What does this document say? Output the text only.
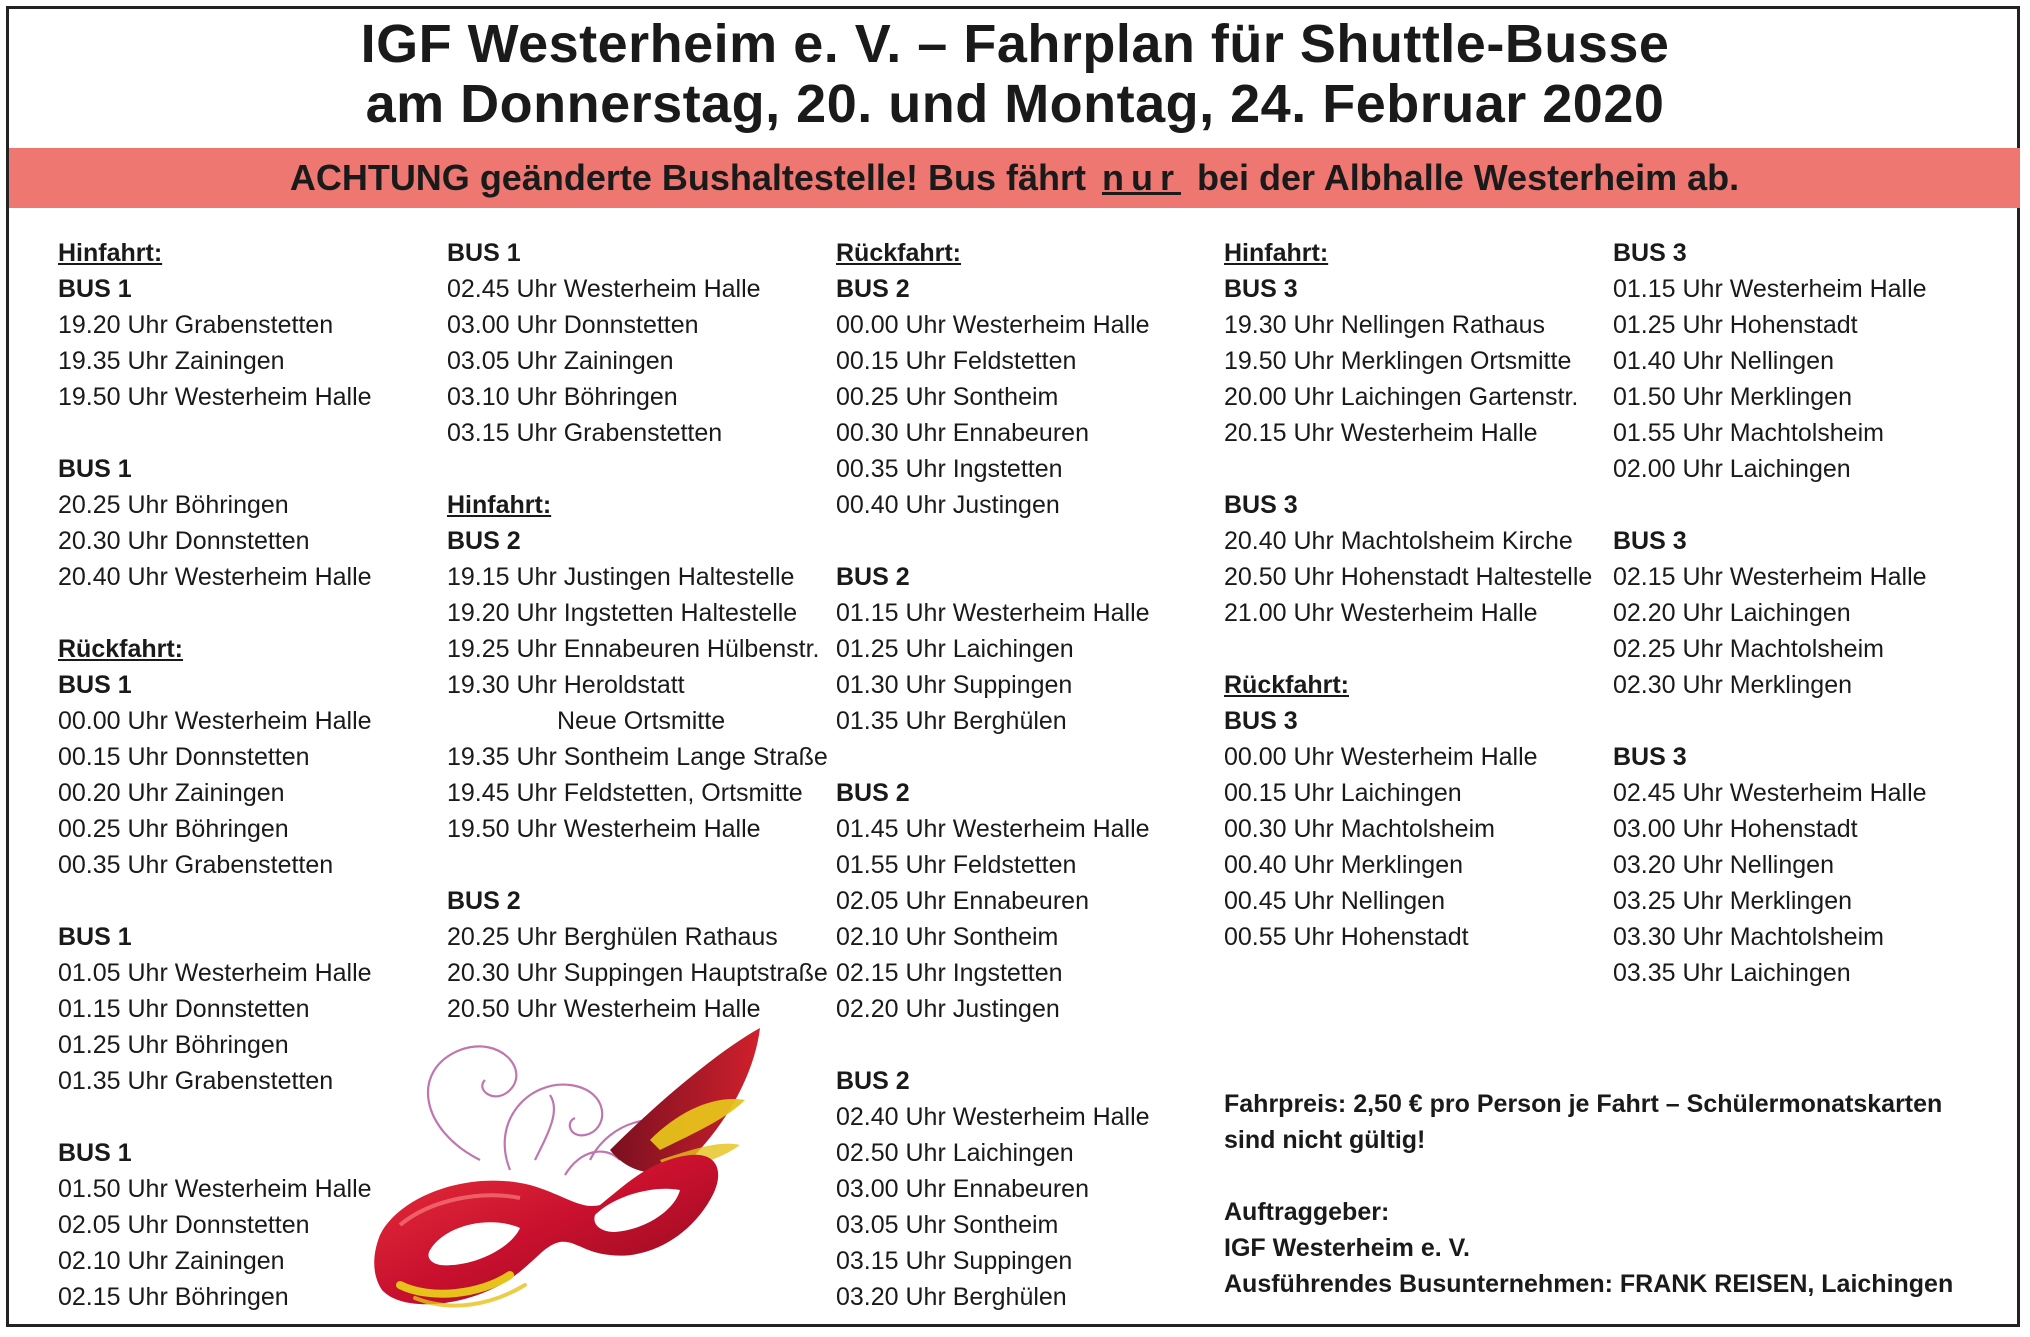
IGF Westerheim e. V. – Fahrplan für Shuttle-Busse
am Donnerstag, 20. und Montag, 24. Februar 2020
ACHTUNG geänderte Bushaltestelle! Bus fährt nur bei der Albhalle Westerheim ab.
Hinfahrt:
BUS 1
19.20 Uhr Grabenstetten
19.35 Uhr Zainingen
19.50 Uhr Westerheim Halle
BUS 1
20.25 Uhr Böhringen
20.30 Uhr Donnstetten
20.40 Uhr Westerheim Halle
Rückfahrt:
BUS 1
00.00 Uhr Westerheim Halle
00.15 Uhr Donnstetten
00.20 Uhr Zainingen
00.25 Uhr Böhringen
00.35 Uhr Grabenstetten
BUS 1
01.05 Uhr Westerheim Halle
01.15 Uhr Donnstetten
01.25 Uhr Böhringen
01.35 Uhr Grabenstetten
BUS 1
01.50 Uhr Westerheim Halle
02.05 Uhr Donnstetten
02.10 Uhr Zainingen
02.15 Uhr Böhringen
BUS 1
02.45 Uhr Westerheim Halle
03.00 Uhr Donnstetten
03.05 Uhr Zainingen
03.10 Uhr Böhringen
03.15 Uhr Grabenstetten
Hinfahrt:
BUS 2
19.15 Uhr Justingen Haltestelle
19.20 Uhr Ingstetten Haltestelle
19.25 Uhr Ennabeuren Hülbenstr.
19.30 Uhr Heroldstatt
Neue Ortsmitte
19.35 Uhr Sontheim Lange Straße
19.45 Uhr Feldstetten, Ortsmitte
19.50 Uhr Westerheim Halle
BUS 2
20.25 Uhr Berghülen Rathaus
20.30 Uhr Suppingen Hauptstraße
20.50 Uhr Westerheim Halle
Rückfahrt:
BUS 2
00.00 Uhr Westerheim Halle
00.15 Uhr Feldstetten
00.25 Uhr Sontheim
00.30 Uhr Ennabeuren
00.35 Uhr Ingstetten
00.40 Uhr Justingen
BUS 2
01.15 Uhr Westerheim Halle
01.25 Uhr Laichingen
01.30 Uhr Suppingen
01.35 Uhr Berghülen
BUS 2
01.45 Uhr Westerheim Halle
01.55 Uhr Feldstetten
02.05 Uhr Ennabeuren
02.10 Uhr Sontheim
02.15 Uhr Ingstetten
02.20 Uhr Justingen
BUS 2
02.40 Uhr Westerheim Halle
02.50 Uhr Laichingen
03.00 Uhr Ennabeuren
03.05 Uhr Sontheim
03.15 Uhr Suppingen
03.20 Uhr Berghülen
Hinfahrt:
BUS 3
19.30 Uhr Nellingen Rathaus
19.50 Uhr Merklingen Ortsmitte
20.00 Uhr Laichingen Gartenstr.
20.15 Uhr Westerheim Halle
BUS 3
20.40 Uhr Machtolsheim Kirche
20.50 Uhr Hohenstadt Haltestelle
21.00 Uhr Westerheim Halle
Rückfahrt:
BUS 3
00.00 Uhr Westerheim Halle
00.15 Uhr Laichingen
00.30 Uhr Machtolsheim
00.40 Uhr Merklingen
00.45 Uhr Nellingen
00.55 Uhr Hohenstadt
BUS 3
01.15 Uhr Westerheim Halle
01.25 Uhr Hohenstadt
01.40 Uhr Nellingen
01.50 Uhr Merklingen
01.55 Uhr Machtolsheim
02.00 Uhr Laichingen
BUS 3
02.15 Uhr Westerheim Halle
02.20 Uhr Laichingen
02.25 Uhr Machtolsheim
02.30 Uhr Merklingen
BUS 3
02.45 Uhr Westerheim Halle
03.00 Uhr Hohenstadt
03.20 Uhr Nellingen
03.25 Uhr Merklingen
03.30 Uhr Machtolsheim
03.35 Uhr Laichingen
Fahrpreis: 2,50 € pro Person je Fahrt – Schülermonatskarten
sind nicht gültig!
Auftraggeber:
IGF Westerheim e. V.
Ausführendes Busunternehmen: FRANK REISEN, Laichingen
